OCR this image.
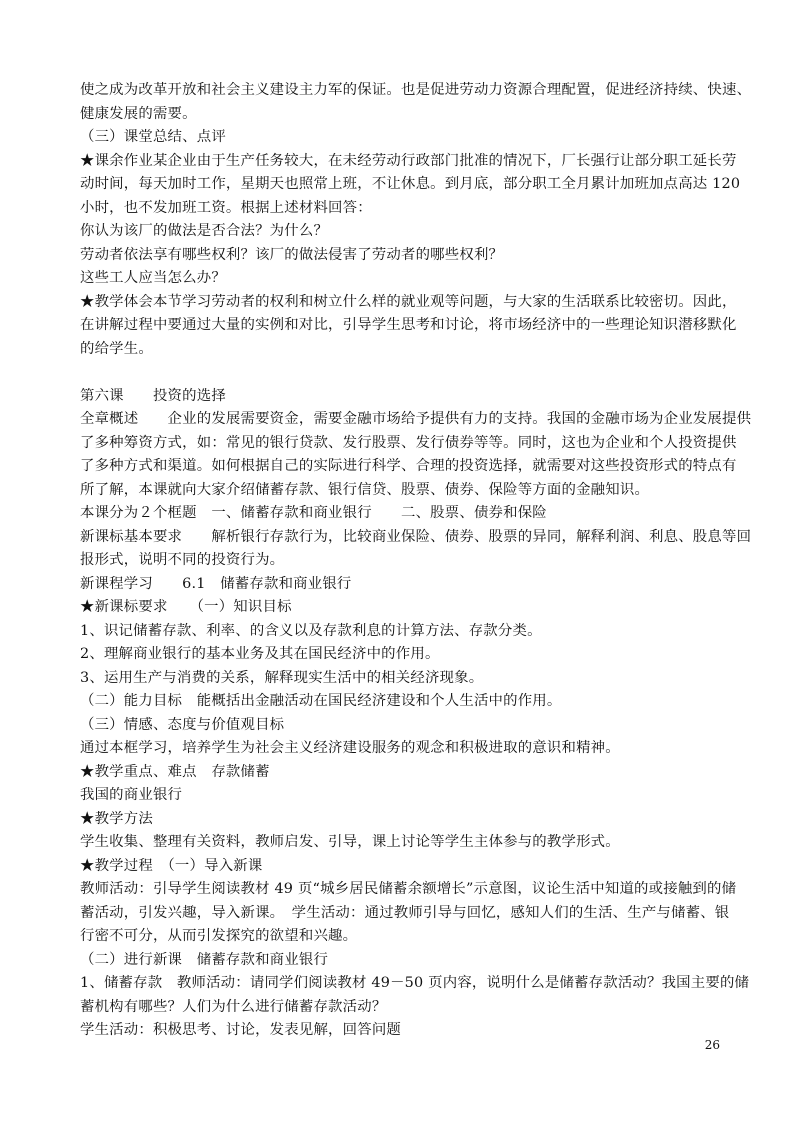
使之成为改革开放和社会主义建设主力军的保证。也是促进劳动力资源合理配置，促进经济持续、快速、
健康发展的需要。
（三）课堂总结、点评
★课余作业某企业由于生产任务较大，在未经劳动行政部门批准的情况下，厂长强行让部分职工延长劳
动时间，每天加时工作，星期天也照常上班，不让休息。到月底，部分职工全月累计加班加点高达 120
小时，也不发加班工资。根据上述材料回答：
你认为该厂的做法是否合法？为什么？
劳动者依法享有哪些权利？该厂的做法侵害了劳动者的哪些权利？
这些工人应当怎么办？
★教学体会本节学习劳动者的权利和树立什么样的就业观等问题，与大家的生活联系比较密切。因此，
在讲解过程中要通过大量的实例和对比，引导学生思考和讨论，将市场经济中的一些理论知识潜移默化
的给学生。
第六课　　投资的选择
全章概述　　企业的发展需要资金，需要金融市场给予提供有力的支持。我国的金融市场为企业发展提供
了多种筹资方式，如：常见的银行贷款、发行股票、发行债券等等。同时，这也为企业和个人投资提供
了多种方式和渠道。如何根据自己的实际进行科学、合理的投资选择，就需要对这些投资形式的特点有
所了解，本课就向大家介绍储蓄存款、银行信贷、股票、债券、保险等方面的金融知识。
本课分为２个框题　一、储蓄存款和商业银行　　二、股票、债券和保险
新课标基本要求　　解析银行存款行为，比较商业保险、债券、股票的异同，解释利润、利息、股息等回
报形式，说明不同的投资行为。
新课程学习　　6.1　储蓄存款和商业银行
★新课标要求　　（一）知识目标
1、识记储蓄存款、利率、的含义以及存款利息的计算方法、存款分类。
2、理解商业银行的基本业务及其在国民经济中的作用。
3、运用生产与消费的关系，解释现实生活中的相关经济现象。
（二）能力目标　能概括出金融活动在国民经济建设和个人生活中的作用。
（三）情感、态度与价值观目标
通过本框学习，培养学生为社会主义经济建设服务的观念和积极进取的意识和精神。
★教学重点、难点　存款储蓄
我国的商业银行
★教学方法
学生收集、整理有关资料，教师启发、引导，课上讨论等学生主体参与的教学形式。
★教学过程　（一）导入新课
教师活动：引导学生阅读教材 49 页“城乡居民储蓄余额增长”示意图，议论生活中知道的或接触到的储
蓄活动，引发兴趣，导入新课。　学生活动：通过教师引导与回忆，感知人们的生活、生产与储蓄、银
行密不可分，从而引发探究的欲望和兴趣。
（二）进行新课　储蓄存款和商业银行
1、储蓄存款　教师活动：请同学们阅读教材 49－50 页内容，说明什么是储蓄存款活动？我国主要的储
蓄机构有哪些？人们为什么进行储蓄存款活动？
学生活动：积极思考、讨论，发表见解，回答问题
26
